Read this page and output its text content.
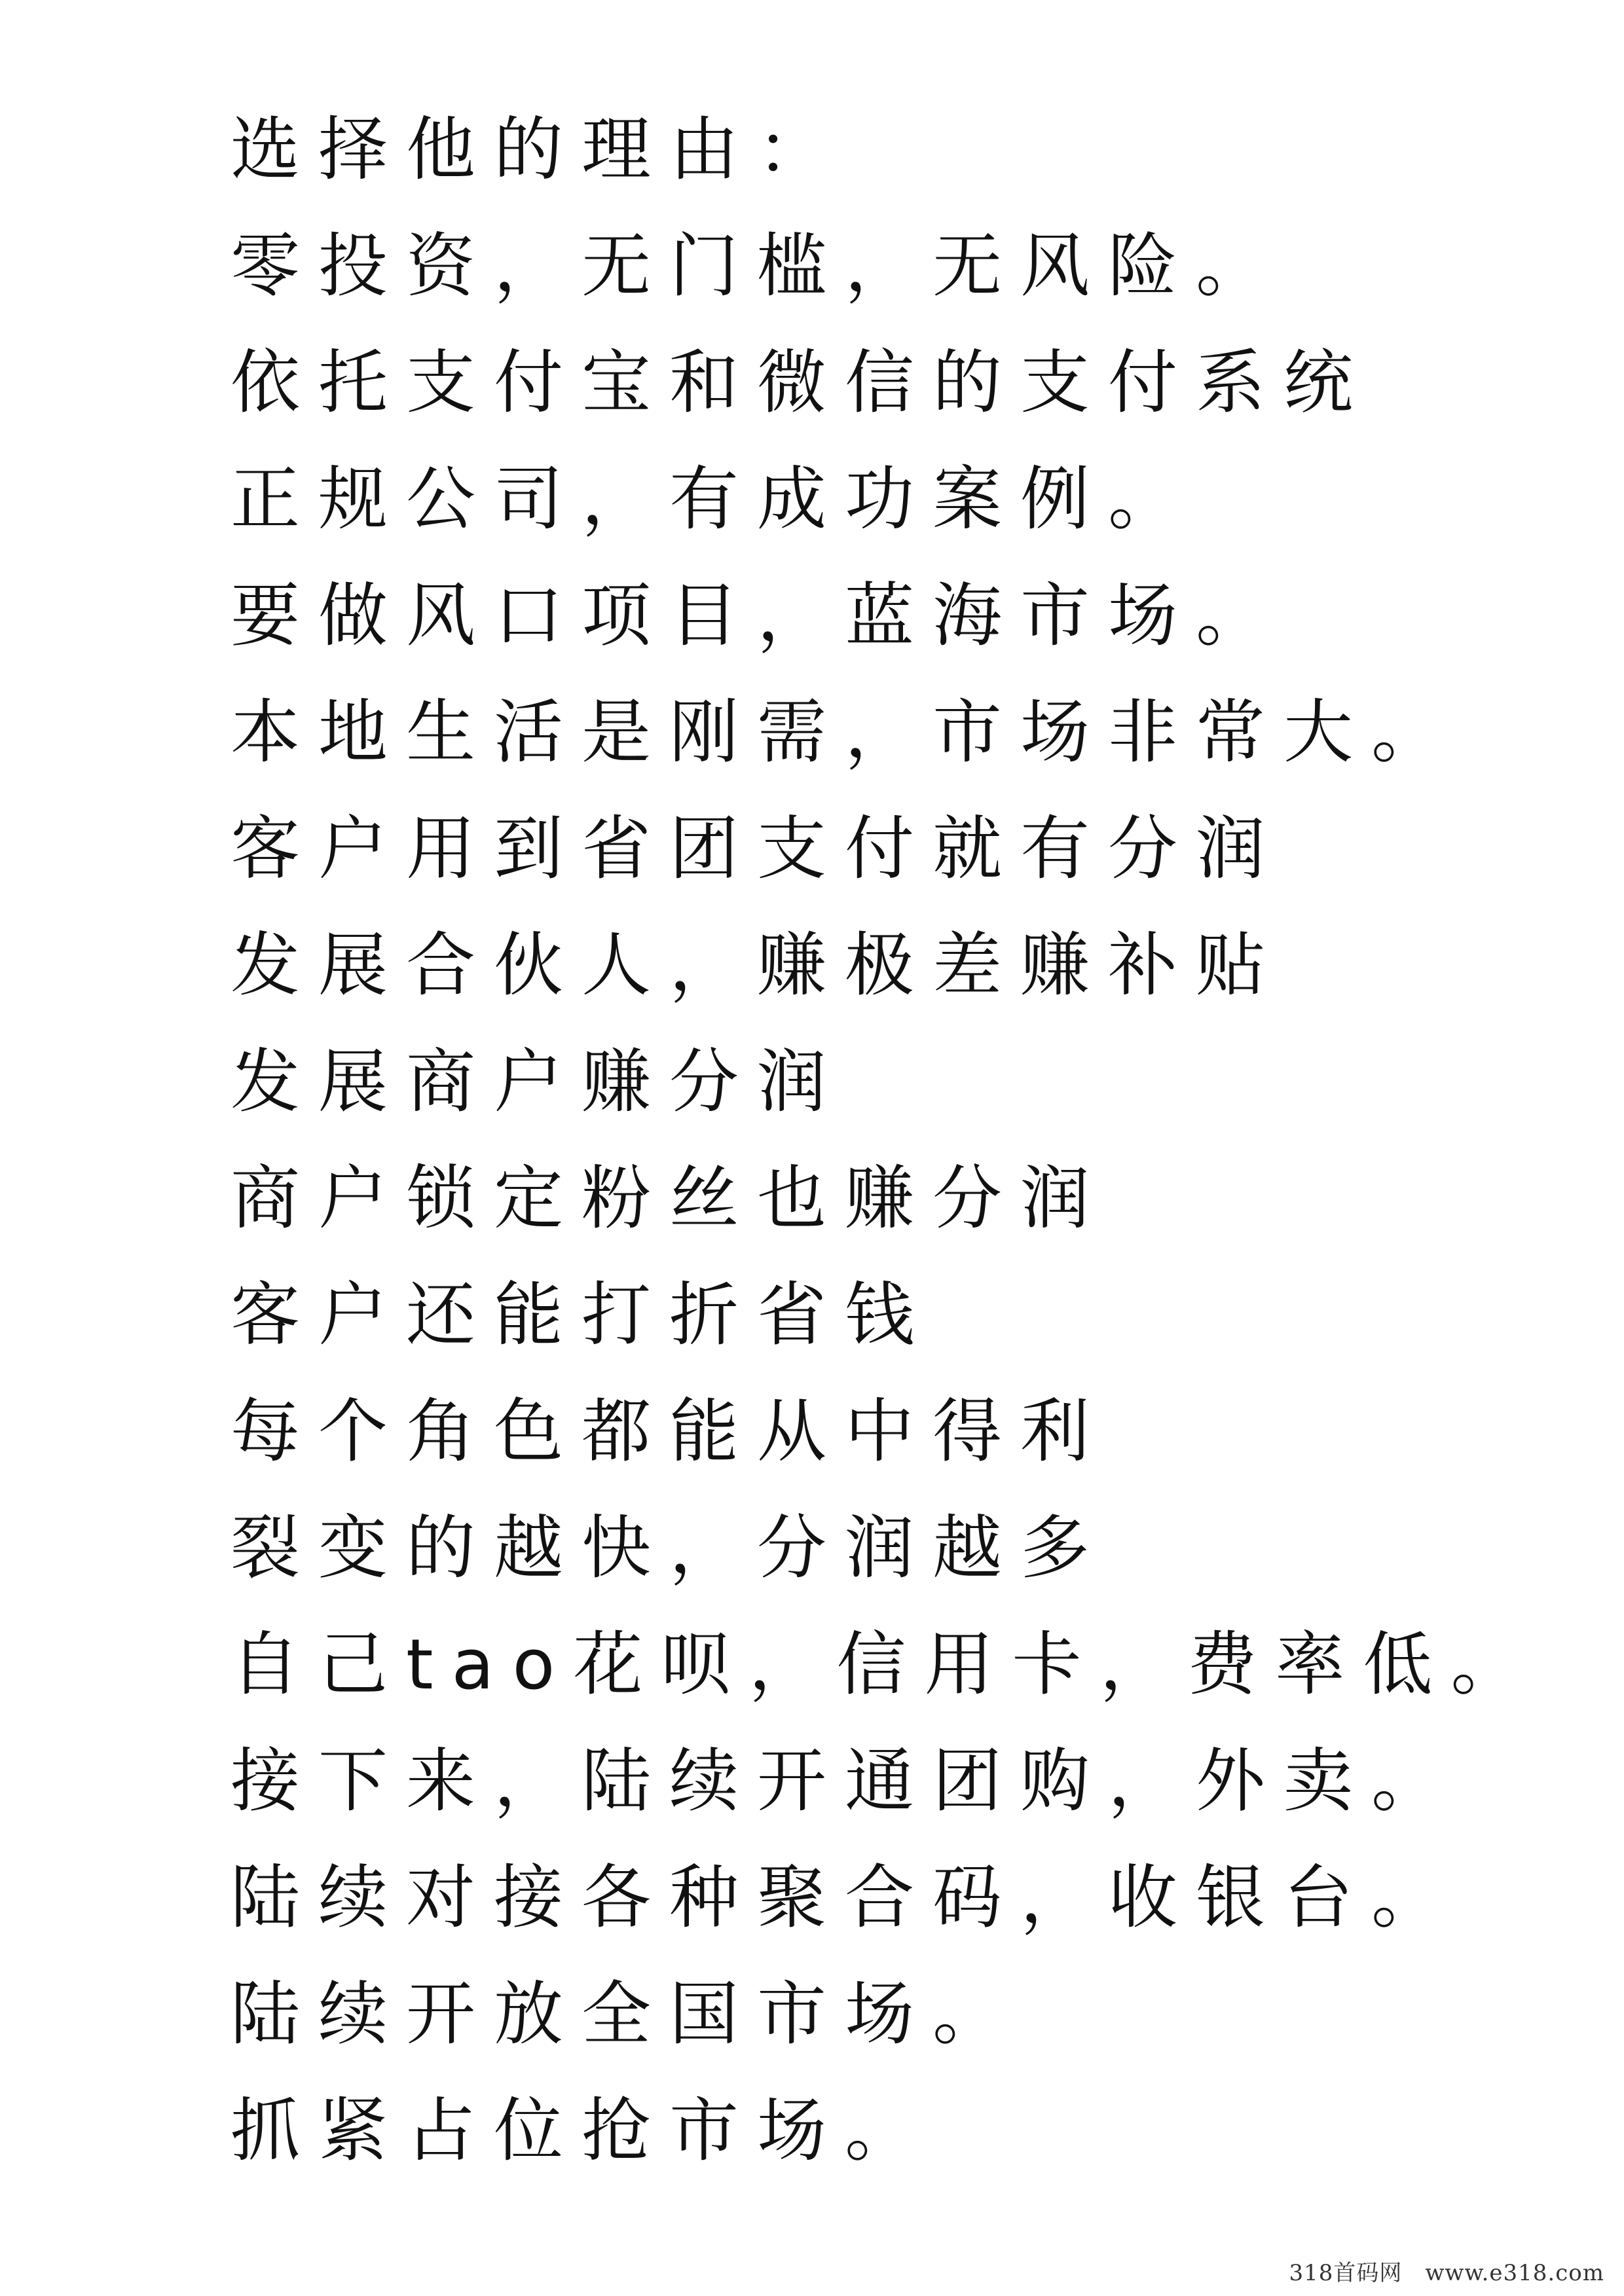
选择他的理由：
零投资，无门槛，无风险。
依托支付宝和微信的支付系统
正规公司，有成功案例。
要做风口项目，蓝海市场。
本地生活是刚需，市场非常大。
客户用到省团支付就有分润
发展合伙人，赚极差赚补贴
发展商户赚分润
商户锁定粉丝也赚分润
客户还能打折省钱
每个角色都能从中得利
裂变的越快，分润越多
自己tao花呗，信用卡，费率低。
接下来，陆续开通团购，外卖。
陆续对接各种聚合码，收银台。
陆续开放全国市场。
抓紧占位抢市场。
318首码网　www.e318.com
